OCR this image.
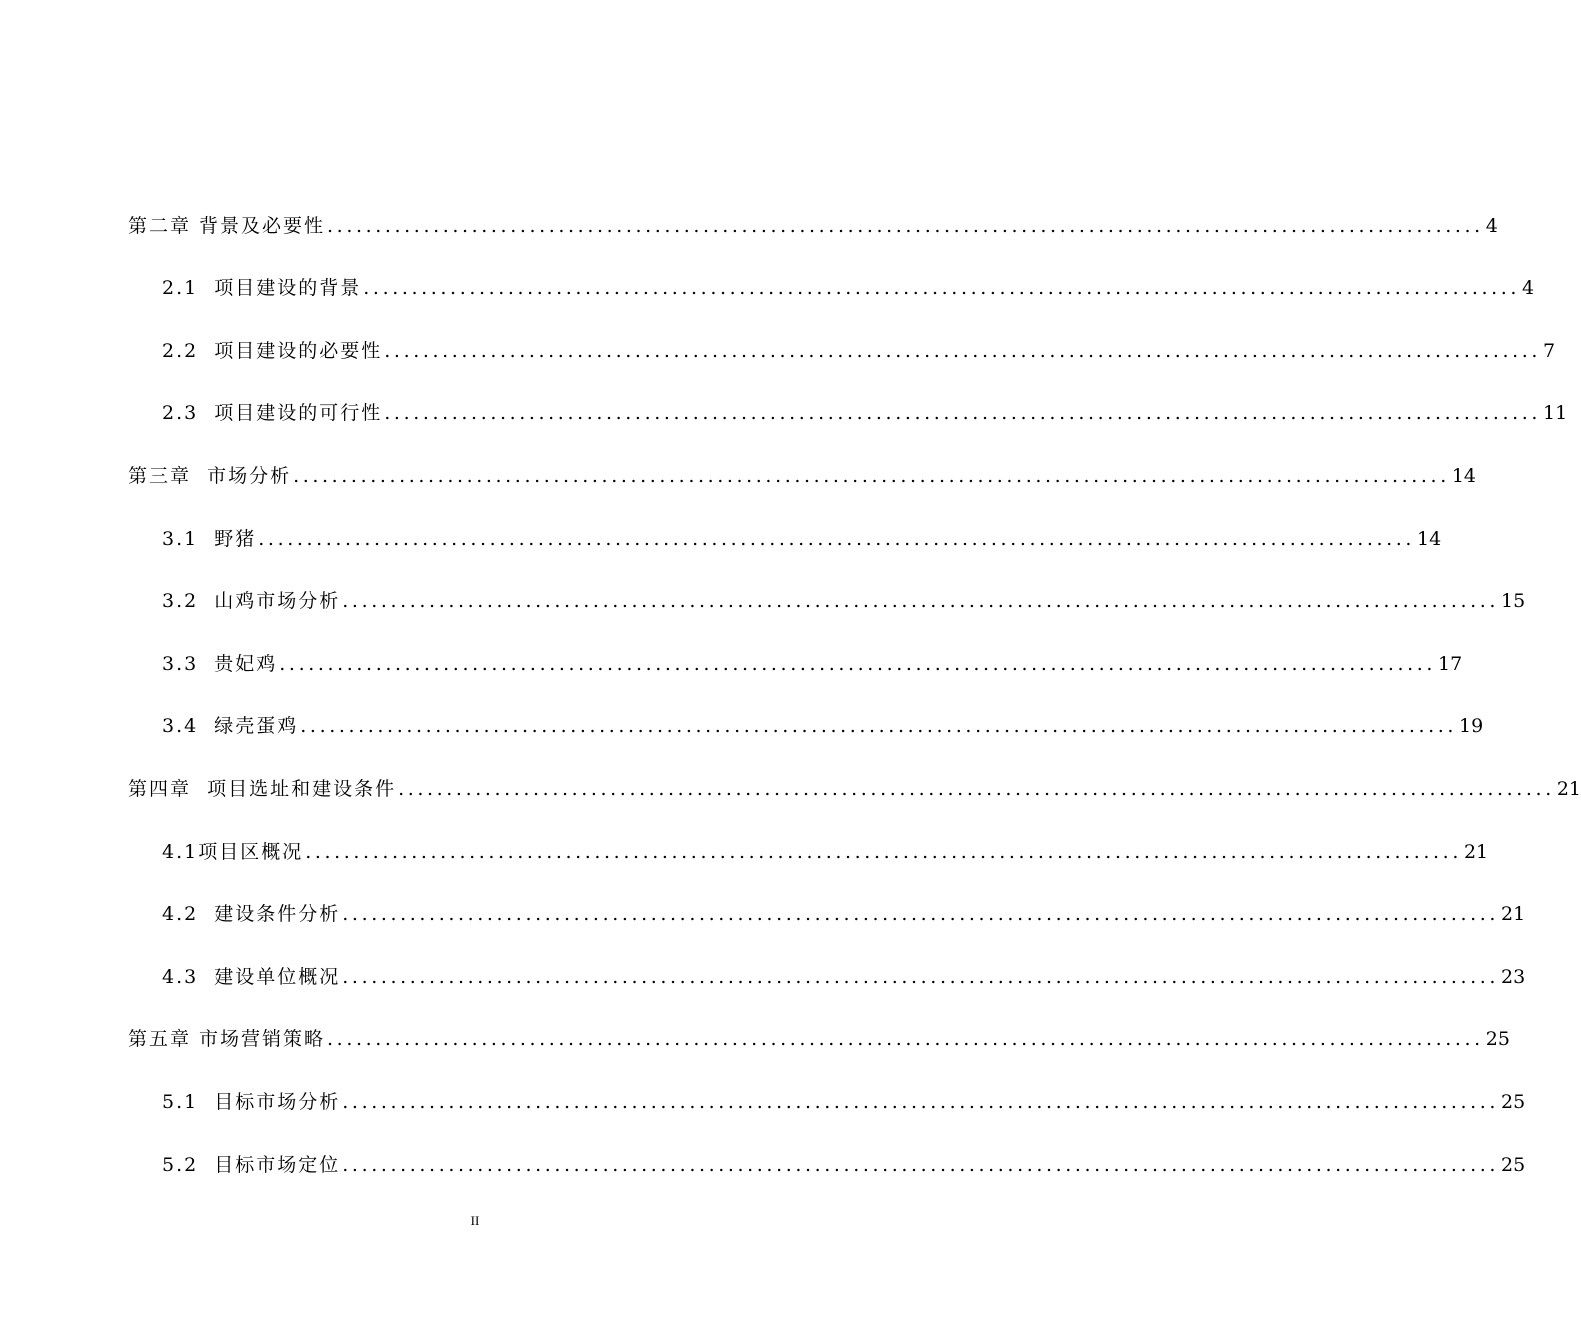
第二章 背景及必要性 ........................................................................................................................ 4
2.1  项目建设的背景 ........................................................................................................................ 4
2.2  项目建设的必要性 ........................................................................................................................ 7
2.3  项目建设的可行性 ........................................................................................................................ 11
第三章  市场分析 ........................................................................................................................ 14
3.1  野猪 ........................................................................................................................ 14
3.2  山鸡市场分析 ........................................................................................................................ 15
3.3  贵妃鸡 ........................................................................................................................ 17
3.4  绿壳蛋鸡 ........................................................................................................................ 19
第四章  项目选址和建设条件 ........................................................................................................................ 21
4.1项目区概况 ........................................................................................................................ 21
4.2  建设条件分析 ........................................................................................................................ 21
4.3  建设单位概况 ........................................................................................................................ 23
第五章 市场营销策略 ........................................................................................................................ 25
5.1  目标市场分析 ........................................................................................................................ 25
5.2  目标市场定位 ........................................................................................................................ 25
II
